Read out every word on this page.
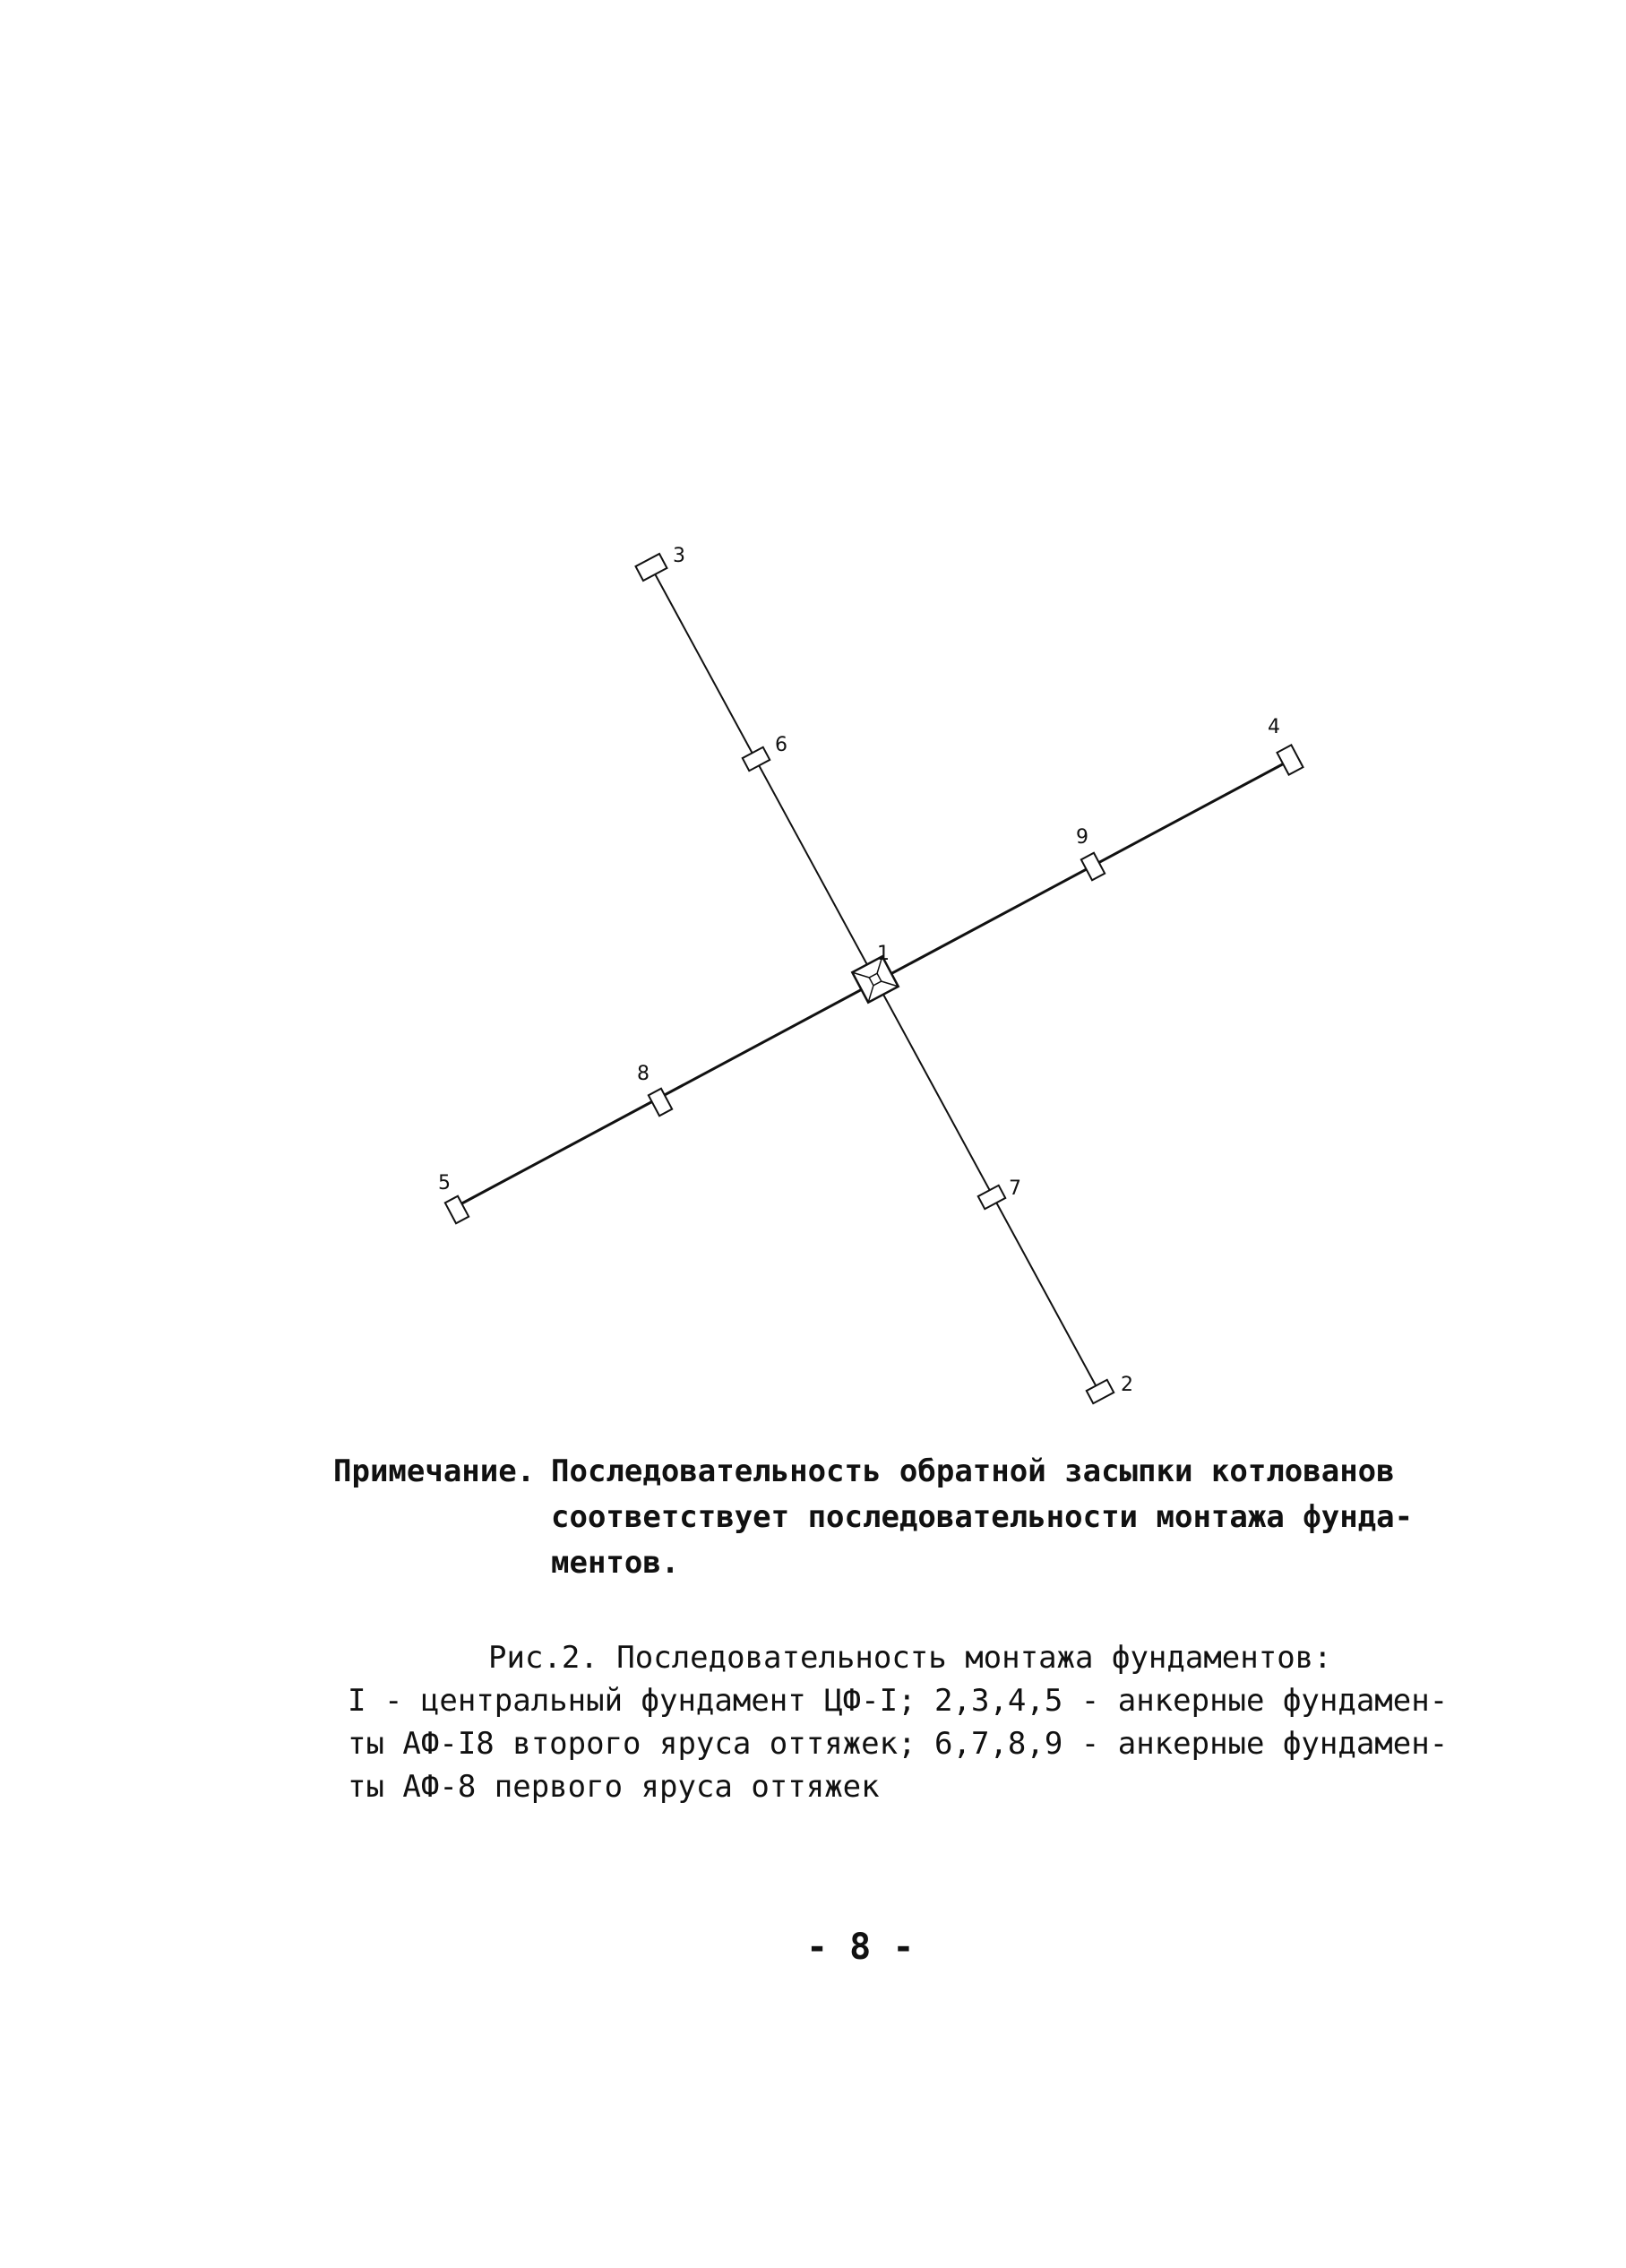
1
2
3
4
5
6
7
8
9
Примечание. Последовательность обратной засыпки котлованов
соответствует последовательности монтажа фунда-
ментов.
Рис.2. Последовательность монтажа фундаментов:
I - центральный фундамент ЦФ-I; 2,3,4,5 - анкерные фундамен-
ты АФ-I8 второго яруса оттяжек; 6,7,8,9 - анкерные фундамен-
ты АФ-8 первого яруса оттяжек
- 8 -
